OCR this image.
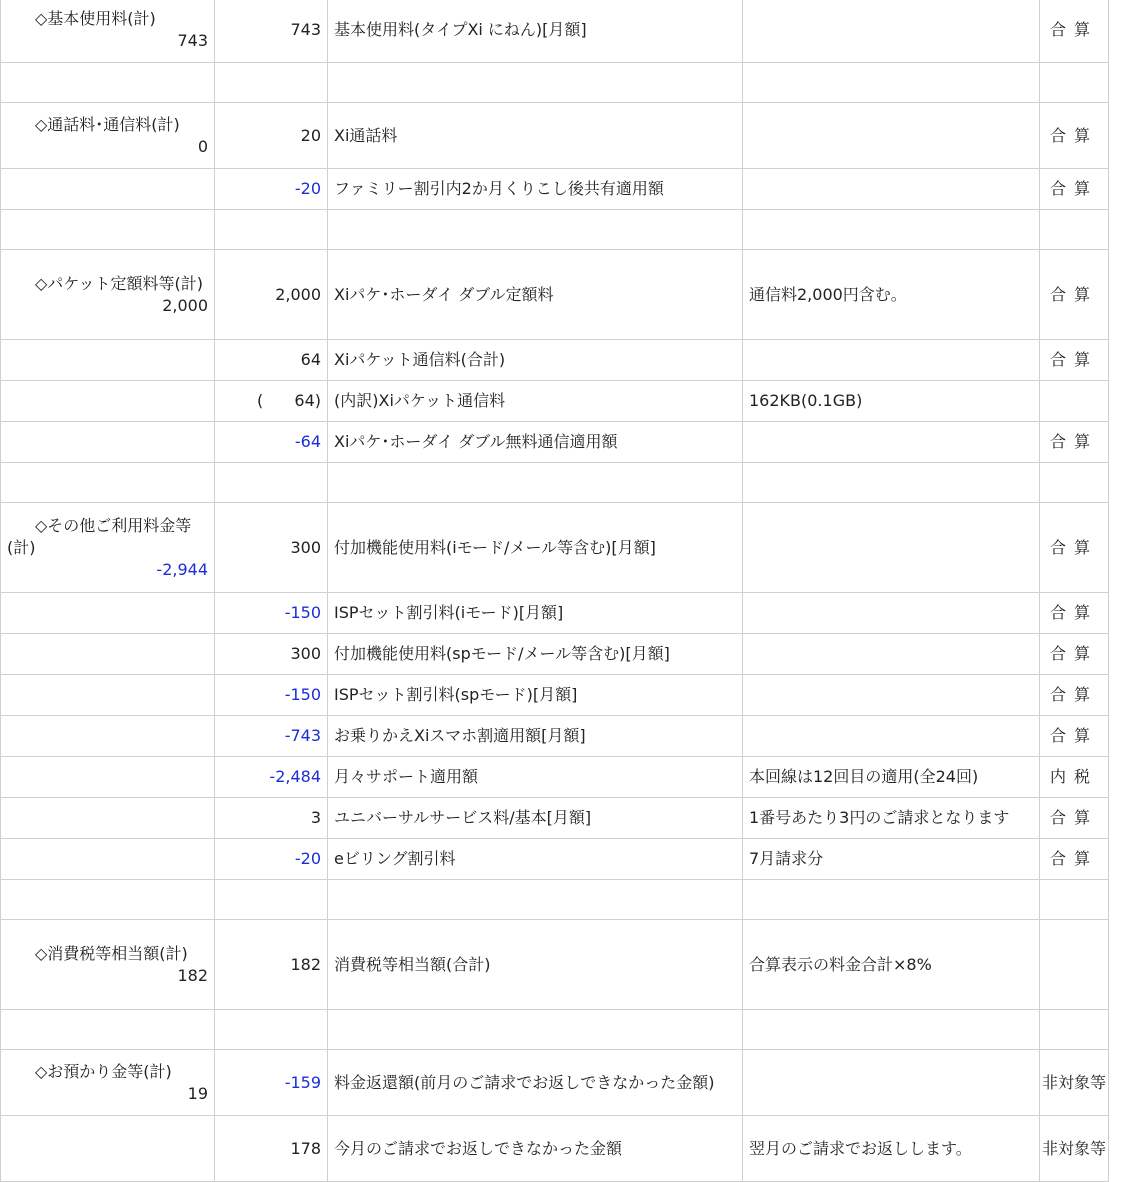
◇基本使用料(計)
743	743	基本使用料(タイプXi にねん)[月額]		合算

◇通話料･通信料(計)
0	20	Xi通話料		合算
	-20	ファミリー割引内2か月くりこし後共有適用額		合算

◇パケット定額料等(計)
2,000	2,000	Xiパケ･ホーダイ ダブル定額料	通信料2,000円含む。	合算
	64	Xiパケット通信料(合計)		合算

	( 64)	(内訳)Xiパケット通信料	162KB(0.1GB)	
	-64	Xiパケ･ホーダイ ダブル無料通信適用額		合算

◇その他ご利用料金等(計)
-2,944	300	付加機能使用料(iモード/メール等含む)[月額]		合算
	-150	ISPセット割引料(iモード)[月額]		合算
	300	付加機能使用料(spモード/メール等含む)[月額]		合算
	-150	ISPセット割引料(spモード)[月額]		合算
	-743	お乗りかえXiスマホ割適用額[月額]		合算
	-2,484	月々サポート適用額	本回線は12回目の適用(全24回)	内税
	3	ユニバーサルサービス料/基本[月額]	1番号あたり3円のご請求となります	合算
	-20	eビリング割引料	7月請求分	合算

◇消費税等相当額(計)
182	182	消費税等相当額(合計)	合算表示の料金合計×8%	

◇お預かり金等(計)
19	-159	料金返還額(前月のご請求でお返しできなかった金額)		非対象等
	178	今月のご請求でお返しできなかった金額	翌月のご請求でお返しします。	非対象等
